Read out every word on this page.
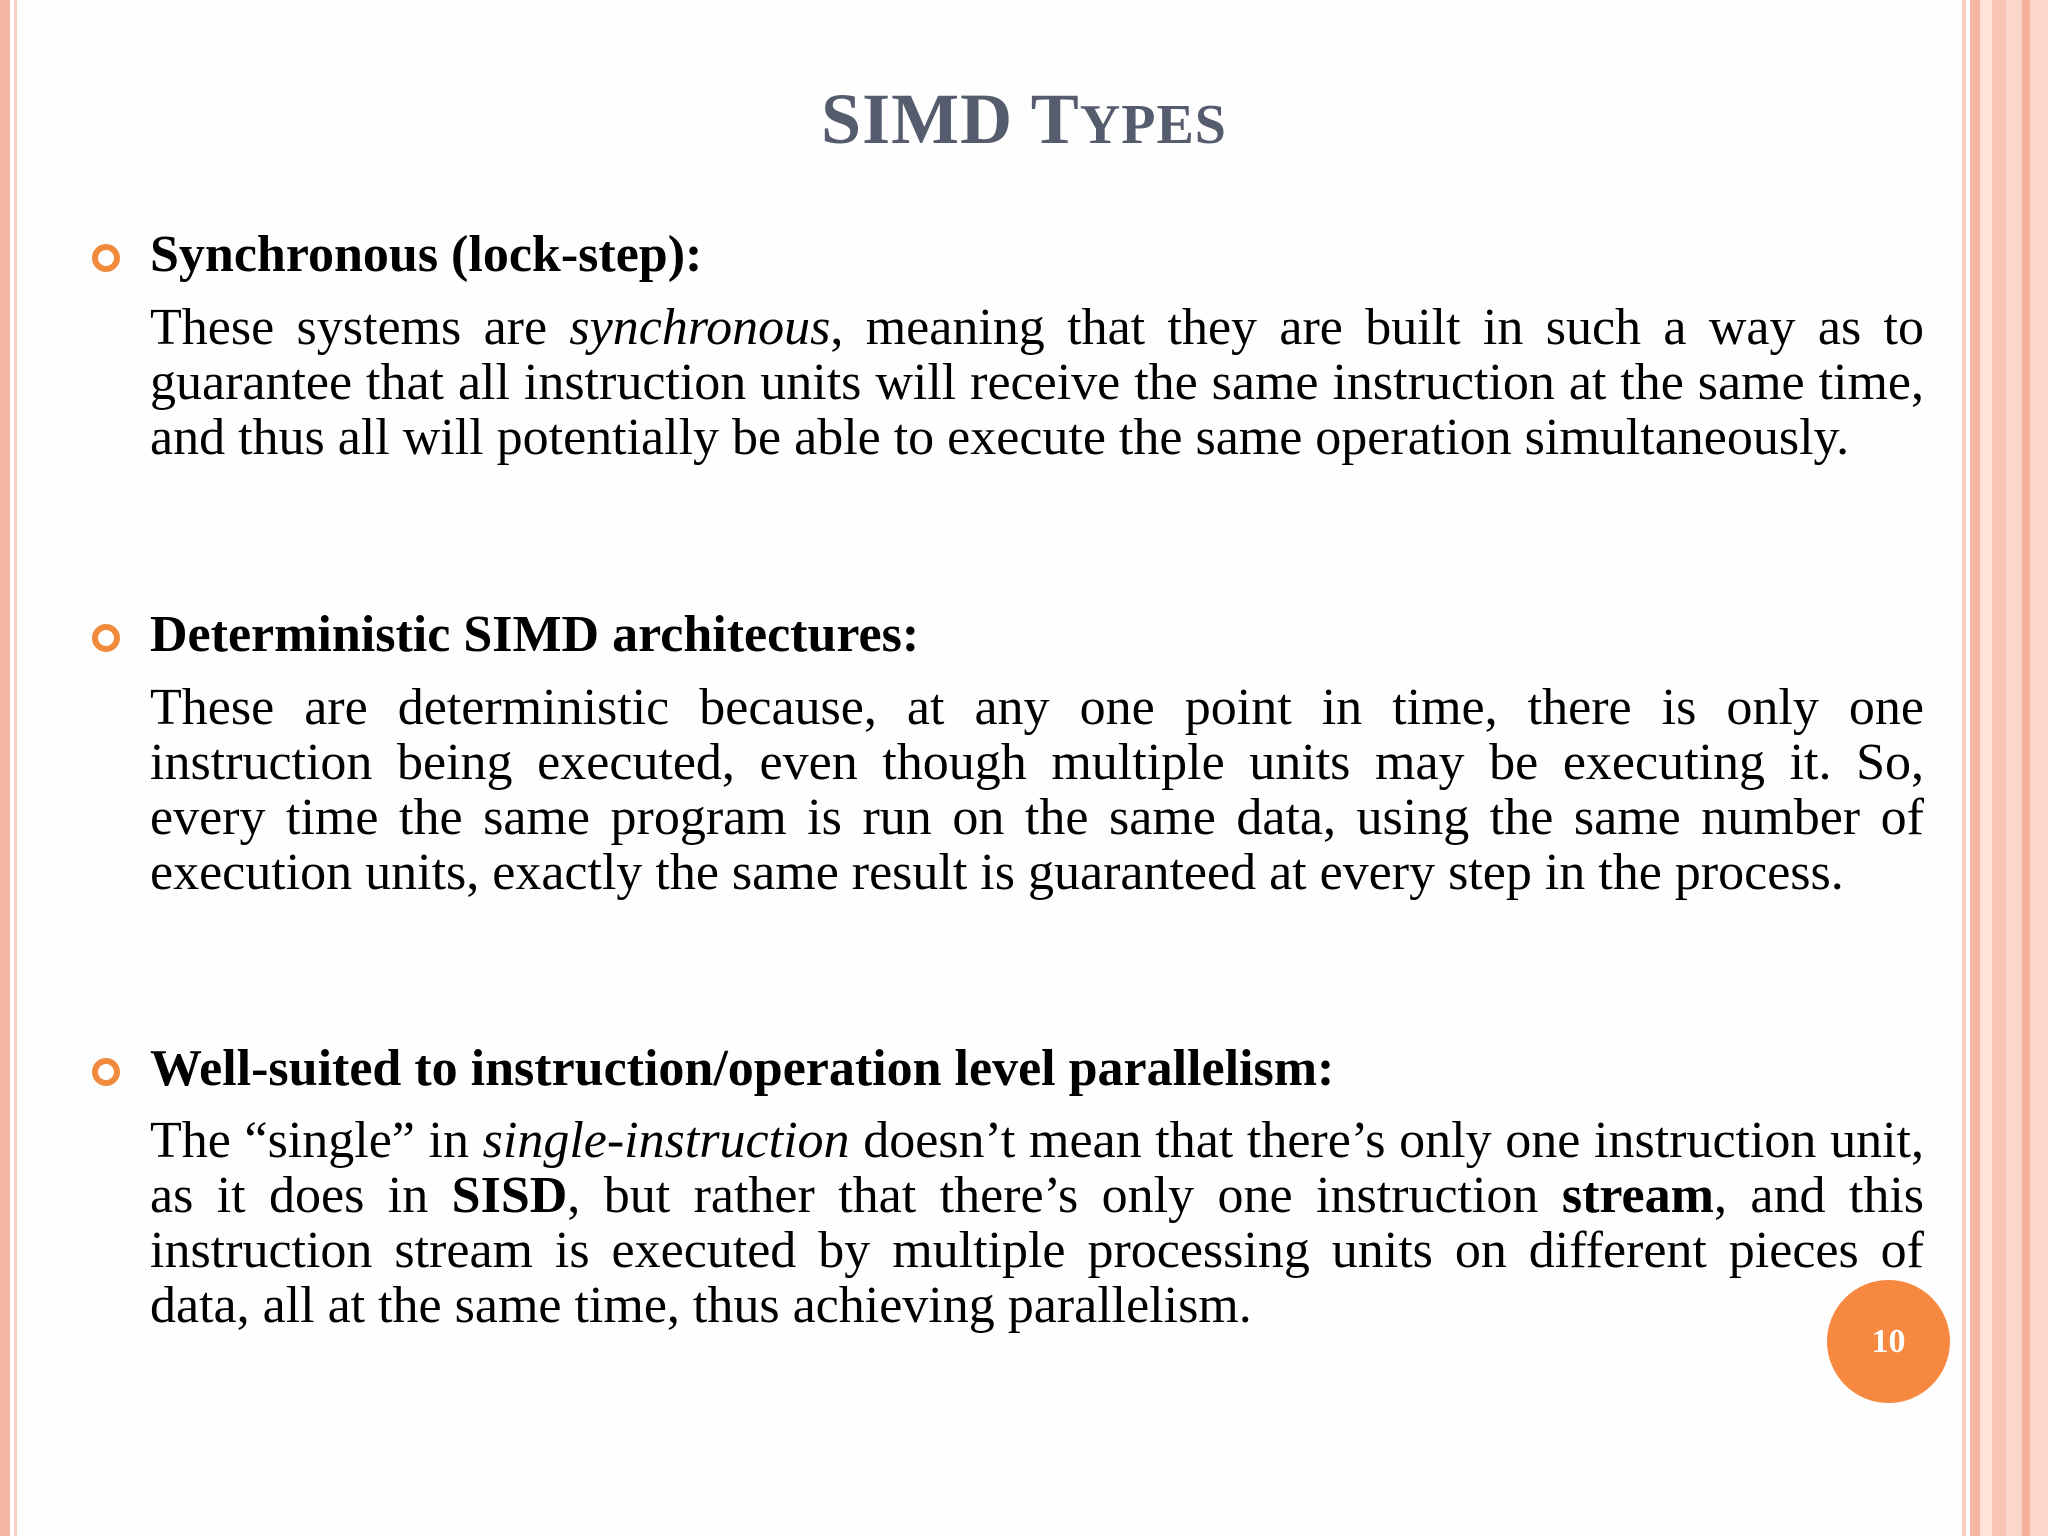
SIMD TYPES
Synchronous (lock-step):
These systems are synchronous, meaning that they are built in such a way as to guarantee that all instruction units will receive the same instruction at the same time, and thus all will potentially be able to execute the same operation simultaneously.
Deterministic SIMD architectures:
These are deterministic because, at any one point in time, there is only one instruction being executed, even though multiple units may be executing it. So, every time the same program is run on the same data, using the same number of execution units, exactly the same result is guaranteed at every step in the process.
Well-suited to instruction/operation level parallelism:
The “single” in single-instruction doesn’t mean that there’s only one instruction unit, as it does in SISD, but rather that there’s only one instruction stream, and this instruction stream is executed by multiple processing units on different pieces of data, all at the same time, thus achieving parallelism.
10
